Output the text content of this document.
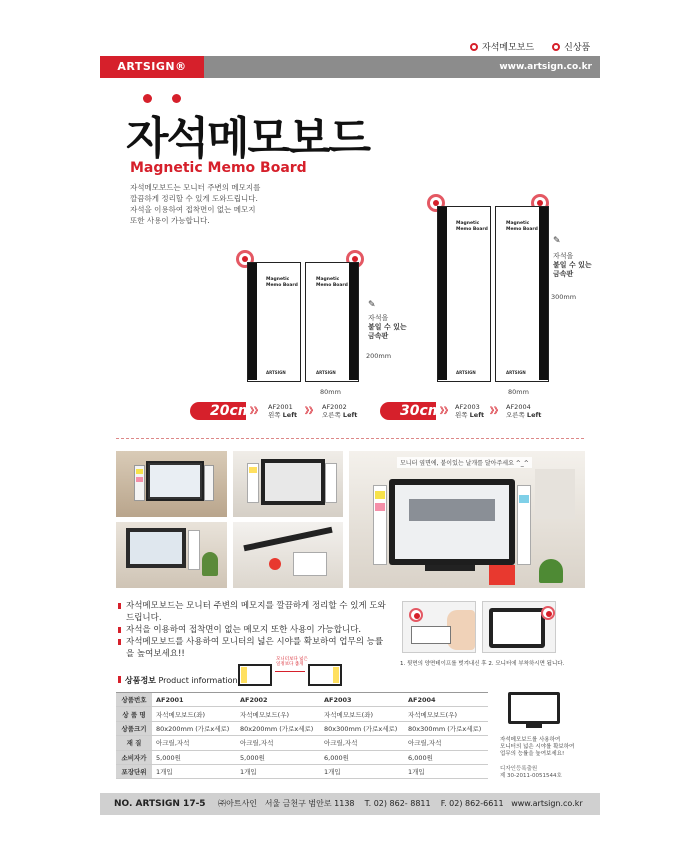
자석메모보드	신상품
ARTSIGN®	www.artsign.co.kr
자석메모보드
Magnetic Memo Board
자석메모보드는 모니터 주변의 메모지를
깔끔하게 정리할 수 있게 도와드립니다.
자석을 이용하여 접착면이 없는 메모지
또한 사용이 가능합니다.
Magnetic
Memo Board
ARTSIGN
Magnetic
Memo Board
ARTSIGN
80mm
200mm
✎
자석을
붙일 수 있는
금속판
Magnetic
Memo Board
ARTSIGN
Magnetic
Memo Board
ARTSIGN
80mm
300mm
✎
자석을
붙일 수 있는
금속판
20cm
》》 AF2001
왼쪽 Left 》》 AF2002
오른쪽 Left	30cm
》》 AF2003
왼쪽 Left 》》 AF2004
오른쪽 Left
모니터 옆면에, 붙이있는 날개를 달아주세요 ^_^
자석메모보드는 모니터 주변의 메모지를 깔끔하게 정리할 수 있게 도와드립니다.
자석을 이용하여 접착면이 없는 메모지 또한 사용이 가능합니다.
자석메모보드를 사용하여 모니터의 넓은 시야를 확보하여 업무의 능률을 높여보세요!!
1. 뒷면의 양면테이프를 벗겨내신 후 2. 모니터에 부착하시면 됩니다.
상품정보 Product information
모니터보다 넓은 일정보다 좁게
상품번호	AF2001	AF2002	AF2003	AF2004
상 품 명	자석메모보드(좌)	자석메모보드(우)	자석메모보드(좌)	자석메모보드(우)
상품크기	80x200mm (가로x세로)	80x200mm (가로x세로)	80x300mm (가로x세로)	80x300mm (가로x세로)
재 질	아크릴,자석	아크릴,자석	아크릴,자석	아크릴,자석
소비자가	5,000원	5,000원	6,000원	6,000원
포장단위	1개입	1개입	1개입	1개입
자석메모보드를 사용하여
모니터의 넓은 시야를 확보하여
업무의 능률을 높여보세요!
디자인등록출원
제 30-2011-0051544호
NO. ARTSIGN 17-5 ㈜아트사인 서울 금천구 범안로 1138 T. 02) 862- 8811 F. 02) 862-6611 www.artsign.co.kr
